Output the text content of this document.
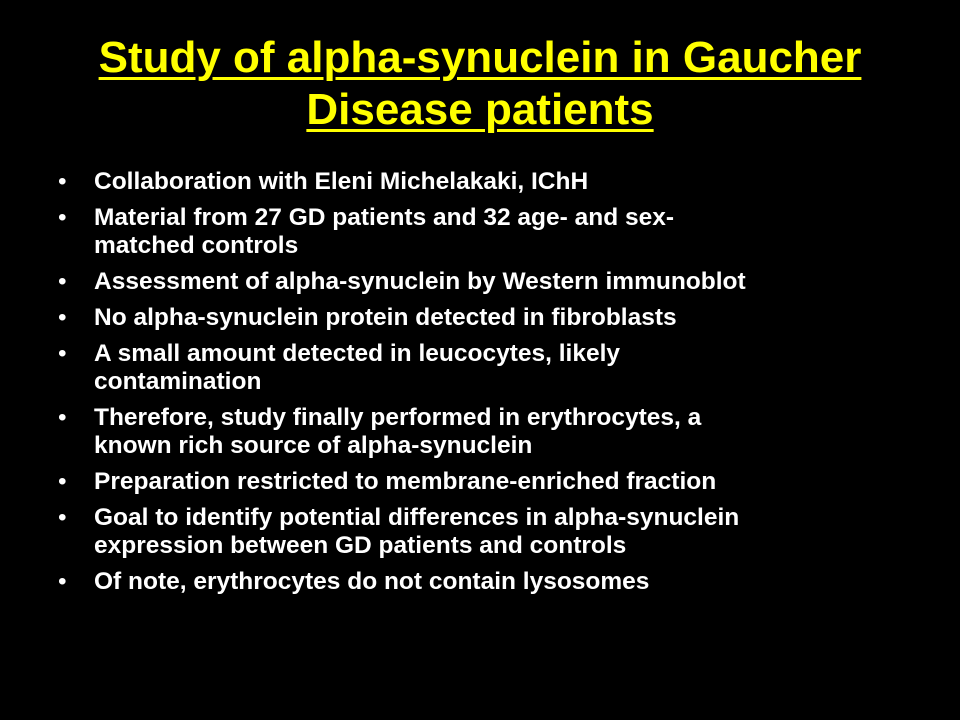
Study of alpha-synuclein in Gaucher
Disease patients
•	Collaboration with Eleni Michelakaki, IChH
•	Material from 27 GD patients and 32 age- and sex-
matched controls
•	Assessment of alpha-synuclein by Western immunoblot
•	No alpha-synuclein protein detected in fibroblasts
•	A small amount detected in leucocytes, likely
contamination
•	Therefore, study finally performed in erythrocytes, a
known rich source of alpha-synuclein
•	Preparation restricted to membrane-enriched fraction
•	Goal to identify potential differences in alpha-synuclein
expression between GD patients and controls
•	Of note, erythrocytes do not contain lysosomes
